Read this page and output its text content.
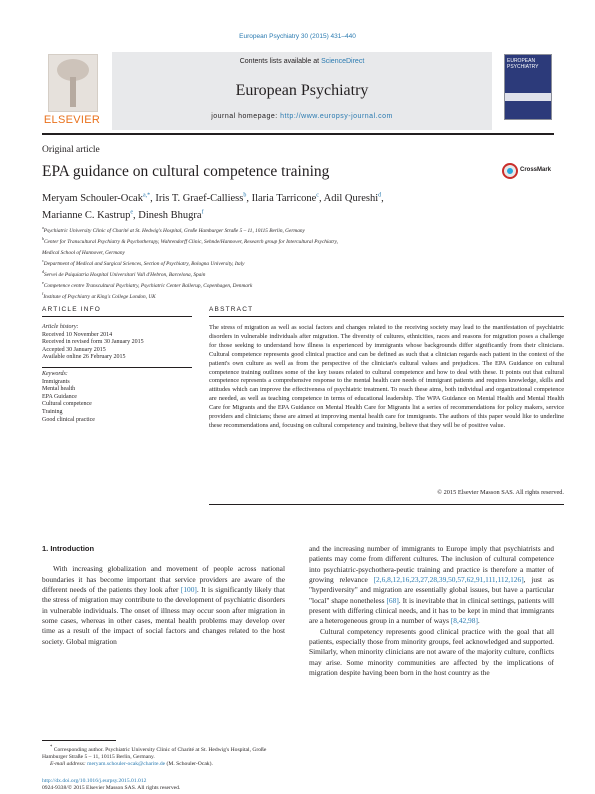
European Psychiatry 30 (2015) 431–440
ELSEVIER
Contents lists available at ScienceDirect
European Psychiatry
journal homepage: http://www.europsy-journal.com
EUROPEAN PSYCHIATRY
Original article
EPA guidance on cultural competence training	CrossMark
Meryam Schouler-Ocak$^{a,*}$, Iris T. Graef-Calliess$^b$, Ilaria Tarricone$^c$, Adil Qureshi$^d$,
Marianne C. Kastrup$^e$, Dinesh Bhugra$^f$
$^a$Psychiatric University Clinic of Charité at St. Hedwig's Hospital, Große Hamburger Straße 5 – 11, 10115 Berlin, Germany
$^b$Center for Transcultural Psychiatry & Psychotherapy, Wahrendorff Clinic, Sehnde/Hannover, Research group for Intercultural Psychiatry,
Medical School of Hannover, Germany
$^c$Department of Medical and Surgical Sciences, Section of Psychiatry, Bologna University, Italy
$^d$Servei de Psiquiatria Hospital Universitari Vall d'Hebron, Barcelona, Spain
$^e$Competence centre Transcultural Psychiatry, Psychiatric Center Ballerup, Copenhagen, Denmark
$^f$Institute of Psychiatry at King's College London, UK
ARTICLE INFO	ABSTRACT
Article history:
Received 10 November 2014
Received in revised form 30 January 2015
Accepted 30 January 2015
Available online 26 February 2015
Keywords:
Immigrants
Mental health
EPA Guidance
Cultural competence
Training
Good clinical practice
The stress of migration as well as social factors and changes related to the receiving society may lead to the manifestation of psychiatric disorders in vulnerable individuals after migration. The diversity of cultures, ethnicities, races and reasons for migration poses a challenge for those seeking to understand how illness is experienced by immigrants whose backgrounds differ significantly from their clinicians. Cultural competence represents good clinical practice and can be defined as such that a clinician regards each patient in the context of the patient's own culture as well as from the perspective of the clinician's cultural values and prejudices. The EPA Guidance on cultural competence training outlines some of the key issues related to cultural competence and how to deal with these. It points out that cultural competence represents a comprehensive response to the mental health care needs of immigrant patients and requires knowledge, skills and attitudes which can improve the effectiveness of psychiatric treatment. To reach these aims, both individual and organizational competence are needed, as well as teaching competence in terms of educational leadership. The WPA Guidance on Mental Health and Mental Health Care for Migrants and the EPA Guidance on Mental Health Care for Migrants list a series of recommendations for policy makers, service providers and clinicians; these are aimed at improving mental health care for immigrants. The authors of this paper would like to underline these recommendations and, focusing on cultural competency and training, believe that they will be of positive value.
© 2015 Elsevier Masson SAS. All rights reserved.
1. Introduction

With increasing globalization and movement of people across national boundaries it has become important that service providers are aware of the different needs of the patients they look after [100]. It is significantly likely that the stress of migration may contribute to the development of psychiatric disorders in vulnerable individuals. The onset of illness may occur soon after migration in some cases, whereas in other cases, mental health problems may develop over time as a result of the impact of social factors and changes related to the host society. Global migration

and the increasing number of immigrants to Europe imply that psychiatrists and patients may come from different cultures. The inclusion of cultural competence into psychiatric-psychothera-peutic training and practice is therefore a matter of growing relevance [2,6,8,12,16,23,27,28,39,50,57,62,91,111,112,126], just as "hyperdiversity" and migration are essentially global issues, but have a particular "local" shape nonetheless [68]. It is inevitable that in clinical settings, patients will present with differing clinical needs, and it has to be kept in mind that immigrants are a heterogeneous group in a number of ways [8,42,98].

Cultural competency represents good clinical practice with the goal that all patients, especially those from minority groups, feel acknowledged and supported. Similarly, when minority clinicians are not aware of the majority culture, conflicts may arise. Some minority communities are affected by the implications of migration despite having been born in the host country as the

* Corresponding author. Psychiatric University Clinic of Charité at St. Hedwig's Hospital, Große Hamburger Straße 5 – 11, 10115 Berlin, Germany.
E-mail address: meryam.schouler-ocak@charite.de (M. Schouler-Ocak).
http://dx.doi.org/10.1016/j.eurpsy.2015.01.012
0924-9338/© 2015 Elsevier Masson SAS. All rights reserved.
